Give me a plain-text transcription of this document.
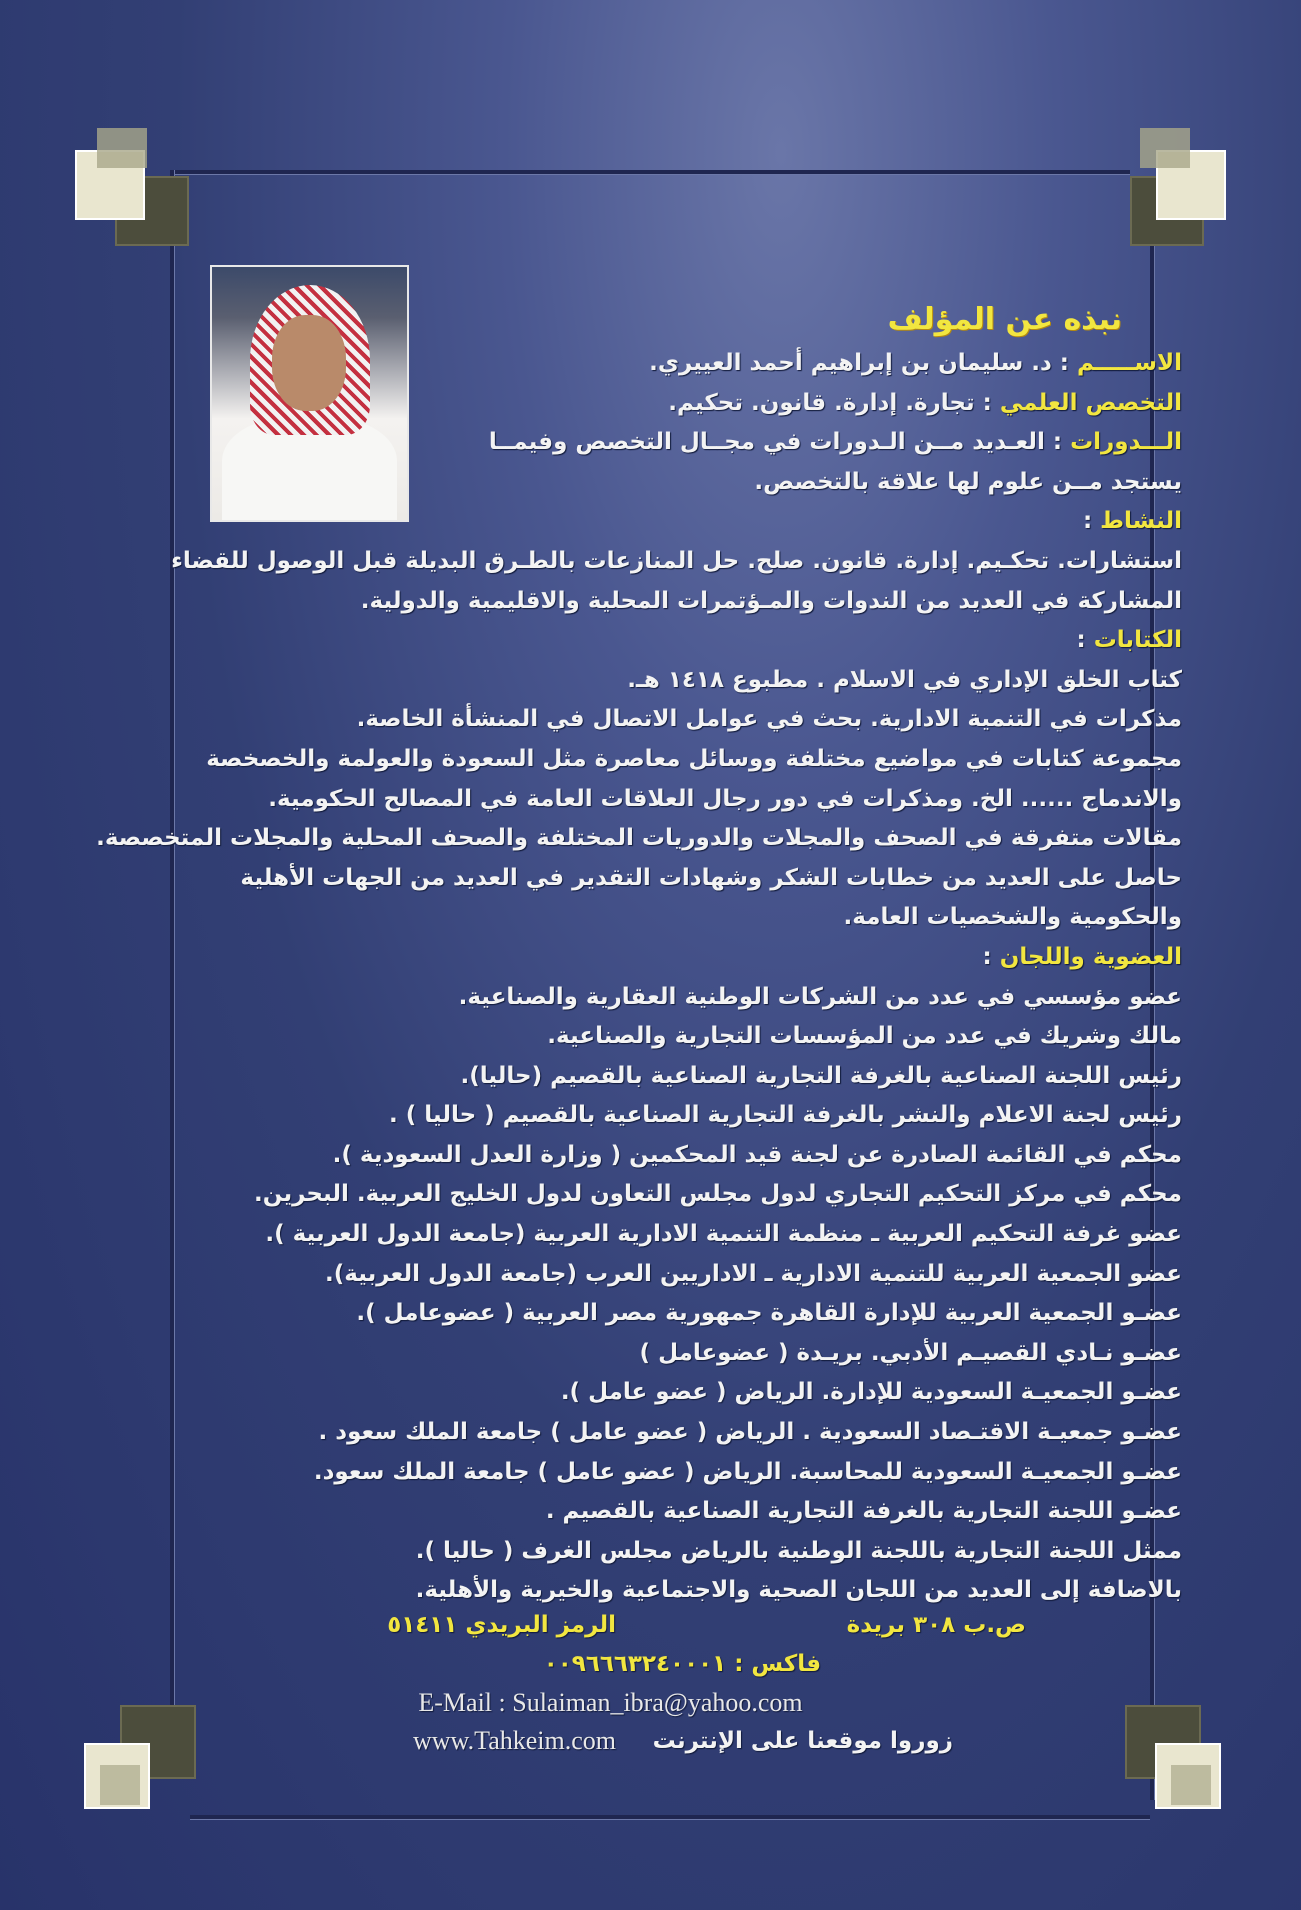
نبذه عن المؤلف
الاســـــم : د. سليمان بن إبراهيم أحمد العييري.
التخصص العلمي : تجارة. إدارة. قانون. تحكيم.
الـــدورات : العـديد مــن الـدورات في مجــال التخصص وفيمــا
يستجد مــن علوم لها علاقة بالتخصص.
النشاط :
استشارات. تحكـيم. إدارة. قانون. صلح. حل المنازعات بالطـرق البديلة قبل الوصول للقضاء
المشاركة في العديد من الندوات والمـؤتمرات المحلية والاقليمية والدولية.
الكتابات :
كتاب الخلق الإداري في الاسلام . مطبوع ١٤١٨ هـ.
مذكرات في التنمية الادارية. بحث في عوامل الاتصال في المنشأة الخاصة.
مجموعة كتابات في مواضيع مختلفة ووسائل معاصرة مثل السعودة والعولمة والخصخصة
والاندماج ...... الخ. ومذكرات في دور رجال العلاقات العامة في المصالح الحكومية.
مقالات متفرقة في الصحف والمجلات والدوريات المختلفة والصحف المحلية والمجلات المتخصصة.
حاصل على العديد من خطابات الشكر وشهادات التقدير في العديد من الجهات الأهلية
والحكومية والشخصيات العامة.
العضوية واللجان :
عضو مؤسسي في عدد من الشركات الوطنية العقارية والصناعية.
مالك وشريك في عدد من المؤسسات التجارية والصناعية.
رئيس اللجنة الصناعية بالغرفة التجارية الصناعية بالقصيم (حاليا).
رئيس لجنة الاعلام والنشر بالغرفة التجارية الصناعية بالقصيم ( حاليا ) .
محكم في القائمة الصادرة عن لجنة قيد المحكمين ( وزارة العدل السعودية ).
محكم في مركز التحكيم التجاري لدول مجلس التعاون لدول الخليج العربية. البحرين.
عضو غرفة التحكيم العربية ـ منظمة التنمية الادارية العربية (جامعة الدول العربية ).
عضو الجمعية العربية للتنمية الادارية ـ الاداريين العرب (جامعة الدول العربية).
عضـو الجمعية العربية للإدارة القاهرة جمهورية مصر العربية ( عضوعامل ).
عضـو نـادي القصيـم الأدبي. بريـدة ( عضوعامل )
عضـو الجمعيـة السعودية للإدارة. الرياض ( عضو عامل ).
عضـو جمعيـة الاقتـصاد السعودية . الرياض ( عضو عامل ) جامعة الملك سعود .
عضـو الجمعيـة السعودية للمحاسبة. الرياض ( عضو عامل ) جامعة الملك سعود.
عضـو اللجنة التجارية بالغرفة التجارية الصناعية بالقصيم .
ممثل اللجنة التجارية باللجنة الوطنية بالرياض مجلس الغرف ( حاليا ).
بالاضافة إلى العديد من اللجان الصحية والاجتماعية والخيرية والأهلية.
ص.ب ٣٠٨ بريدة
الرمز البريدي ٥١٤١١
فاكس : ٠٠٩٦٦٦٣٢٤٠٠٠١
E-Mail : Sulaiman_ibra@yahoo.com
زوروا موقعنا على الإنترنت
www.Tahkeim.com
